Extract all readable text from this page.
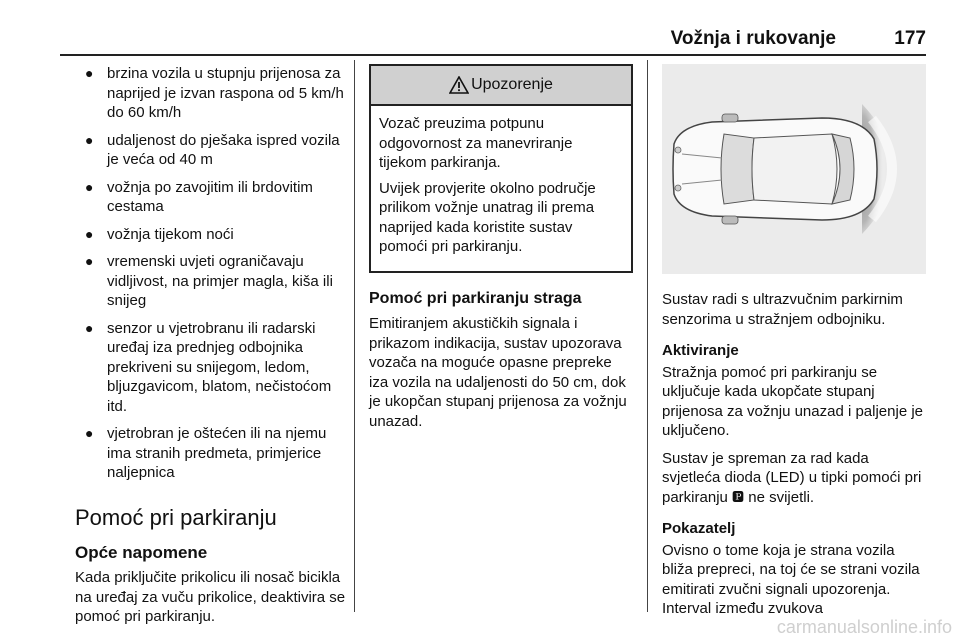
Vožnja i rukovanje	177
● brzina vozila u stupnju prijenosa za naprijed je izvan raspona od 5 km/h do 60 km/h
● udaljenost do pješaka ispred vozila je veća od 40 m
● vožnja po zavojitim ili brdovitim cestama
● vožnja tijekom noći
● vremenski uvjeti ograničavaju vidljivost, na primjer magla, kiša ili snijeg
● senzor u vjetrobranu ili radarski uređaj iza prednjeg odbojnika prekriveni su snijegom, ledom, bljuzgavicom, blatom, nečistoćom itd.
● vjetrobran je oštećen ili na njemu ima stranih predmeta, primjerice naljepnica
Pomoć pri parkiranju
Opće napomene

Kada priključite prikolicu ili nosač bicikla na uređaj za vuču prikolice, deaktivira se pomoć pri parkiranju.

Upozorenje

Vozač preuzima potpunu odgovornost za manevriranje tijekom parkiranja.

Uvijek provjerite okolno područje prilikom vožnje unatrag ili prema naprijed kada koristite sustav pomoći pri parkiranju.

Pomoć pri parkiranju straga

Emitiranjem akustičkih signala i prikazom indikacija, sustav upozorava vozača na moguće opasne prepreke iza vozila na udaljenosti do 50 cm, dok je ukopčan stupanj prijenosa za vožnju unazad.

Sustav radi s ultrazvučnim parkirnim senzorima u stražnjem odbojniku.

Aktiviranje

Stražnja pomoć pri parkiranju se uključuje kada ukopčate stupanj prijenosa za vožnju unazad i paljenje je uključeno.

Sustav je spreman za rad kada svjetleća dioda (LED) u tipki pomoći pri parkiranju 🅿 ne svijetli.

Pokazatelj

Ovisno o tome koja je strana vozila bliža prepreci, na toj će se strani vozila emitirati zvučni signali upozorenja. Interval između zvukova

carmanualsonline.info
